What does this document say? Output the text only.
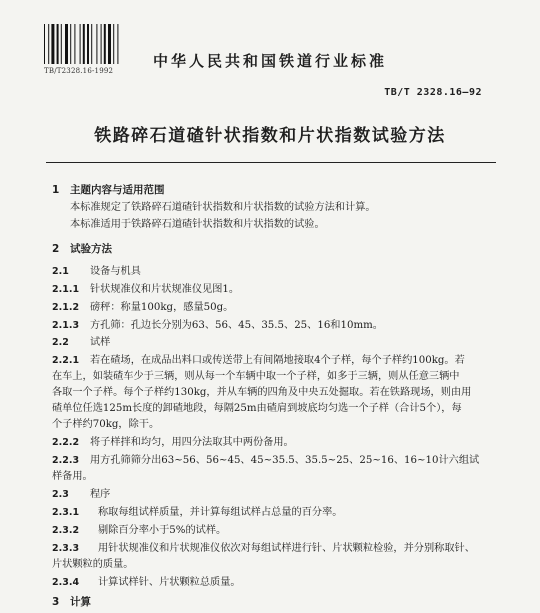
TB/T2328.16-1992
中华人民共和国铁道行业标准
TB/T 2328.16—92
铁路碎石道碴针状指数和片状指数试验方法
1 主题内容与适用范围
本标准规定了铁路碎石道碴针状指数和片状指数的试验方法和计算。
本标准适用于铁路碎石道碴针状指数和片状指数的试验。
2 试验方法
2.1 设备与机具
2.1.1 针状规准仪和片状规准仪见图1。
2.1.2 磅秤：称量100kg，感量50g。
2.1.3 方孔筛：孔边长分别为63、56、45、35.5、25、16和10mm。
2.2 试样
2.2.1 若在碴场，在成品出料口或传送带上有间隔地接取4个子样，每个子样约100kg。若
在车上，如装碴车少于三辆，则从每一个车辆中取一个子样，如多于三辆，则从任意三辆中
各取一个子样。每个子样约130kg，并从车辆的四角及中央五处掘取。若在铁路现场，则由用
碴单位任选125m长度的卸碴地段，每隔25m由碴肩到坡底均匀选一个子样（合计5个），每
个子样约70kg，除干。
2.2.2 将子样拌和均匀，用四分法取其中两份备用。
2.2.3 用方孔筛筛分出63~56、56~45、45~35.5、35.5~25、25~16、16~10计六组试
样备用。
2.3 程序
2.3.1 称取每组试样质量，并计算每组试样占总量的百分率。
2.3.2 剔除百分率小于5%的试样。
2.3.3 用针状规准仪和片状规准仪依次对每组试样进行针、片状颗粒检验，并分别称取针、
片状颗粒的质量。
2.3.4 计算试样针、片状颗粒总质量。
3 计算
